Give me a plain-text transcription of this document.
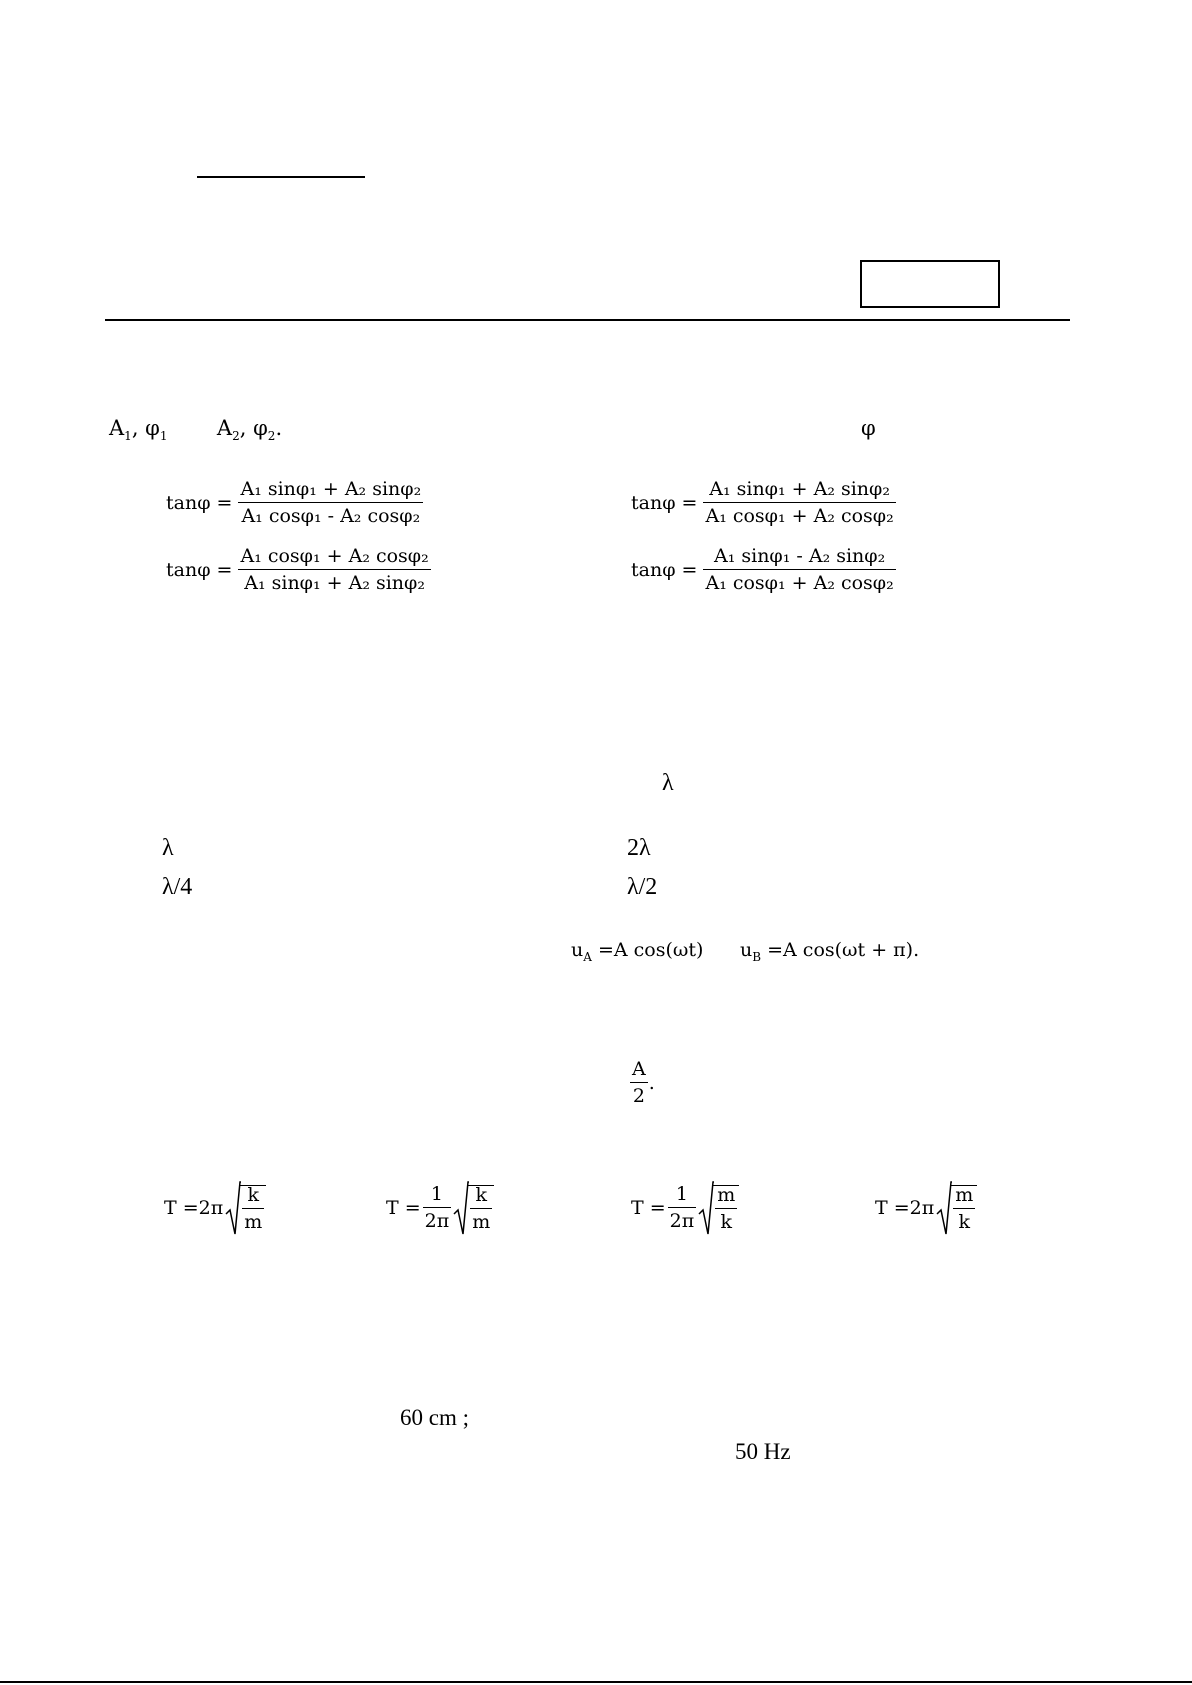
$A_1$, $\varphi_1$ $A_2$, $\varphi_2$.	φ
$\tan\varphi = \frac{\text{A₁ sinφ₁ + A₂ sinφ₂}}{\text{A₁ cosφ₁ - A₂ cosφ₂}}$	$\tan\varphi = \frac{\text{A₁ sinφ₁ + A₂ sinφ₂}}{\text{A₁ cosφ₁ + A₂ cosφ₂}}$
$\tan\varphi = \frac{\text{A₁ cosφ₁ + A₂ cosφ₂}}{\text{A₁ sinφ₁ + A₂ sinφ₂}}$	$\tan\varphi = \frac{\text{A₁ sinφ₁ - A₂ sinφ₂}}{\text{A₁ cosφ₁ + A₂ cosφ₂}}$
λ
λ	2λ
λ/4	λ/2
$u_A =A$ cos(ωt) $u_B =A$ cos(ωt + π).
$\frac{A}{2}$ .
$T =2\pi \frac{k}{m}$	$T = \frac{1}{2\pi} \frac{k}{m}$	$T = \frac{1}{2\pi} \frac{m}{k}$	$T =2\pi \frac{m}{k}$
60 cm ;
50 Hz
